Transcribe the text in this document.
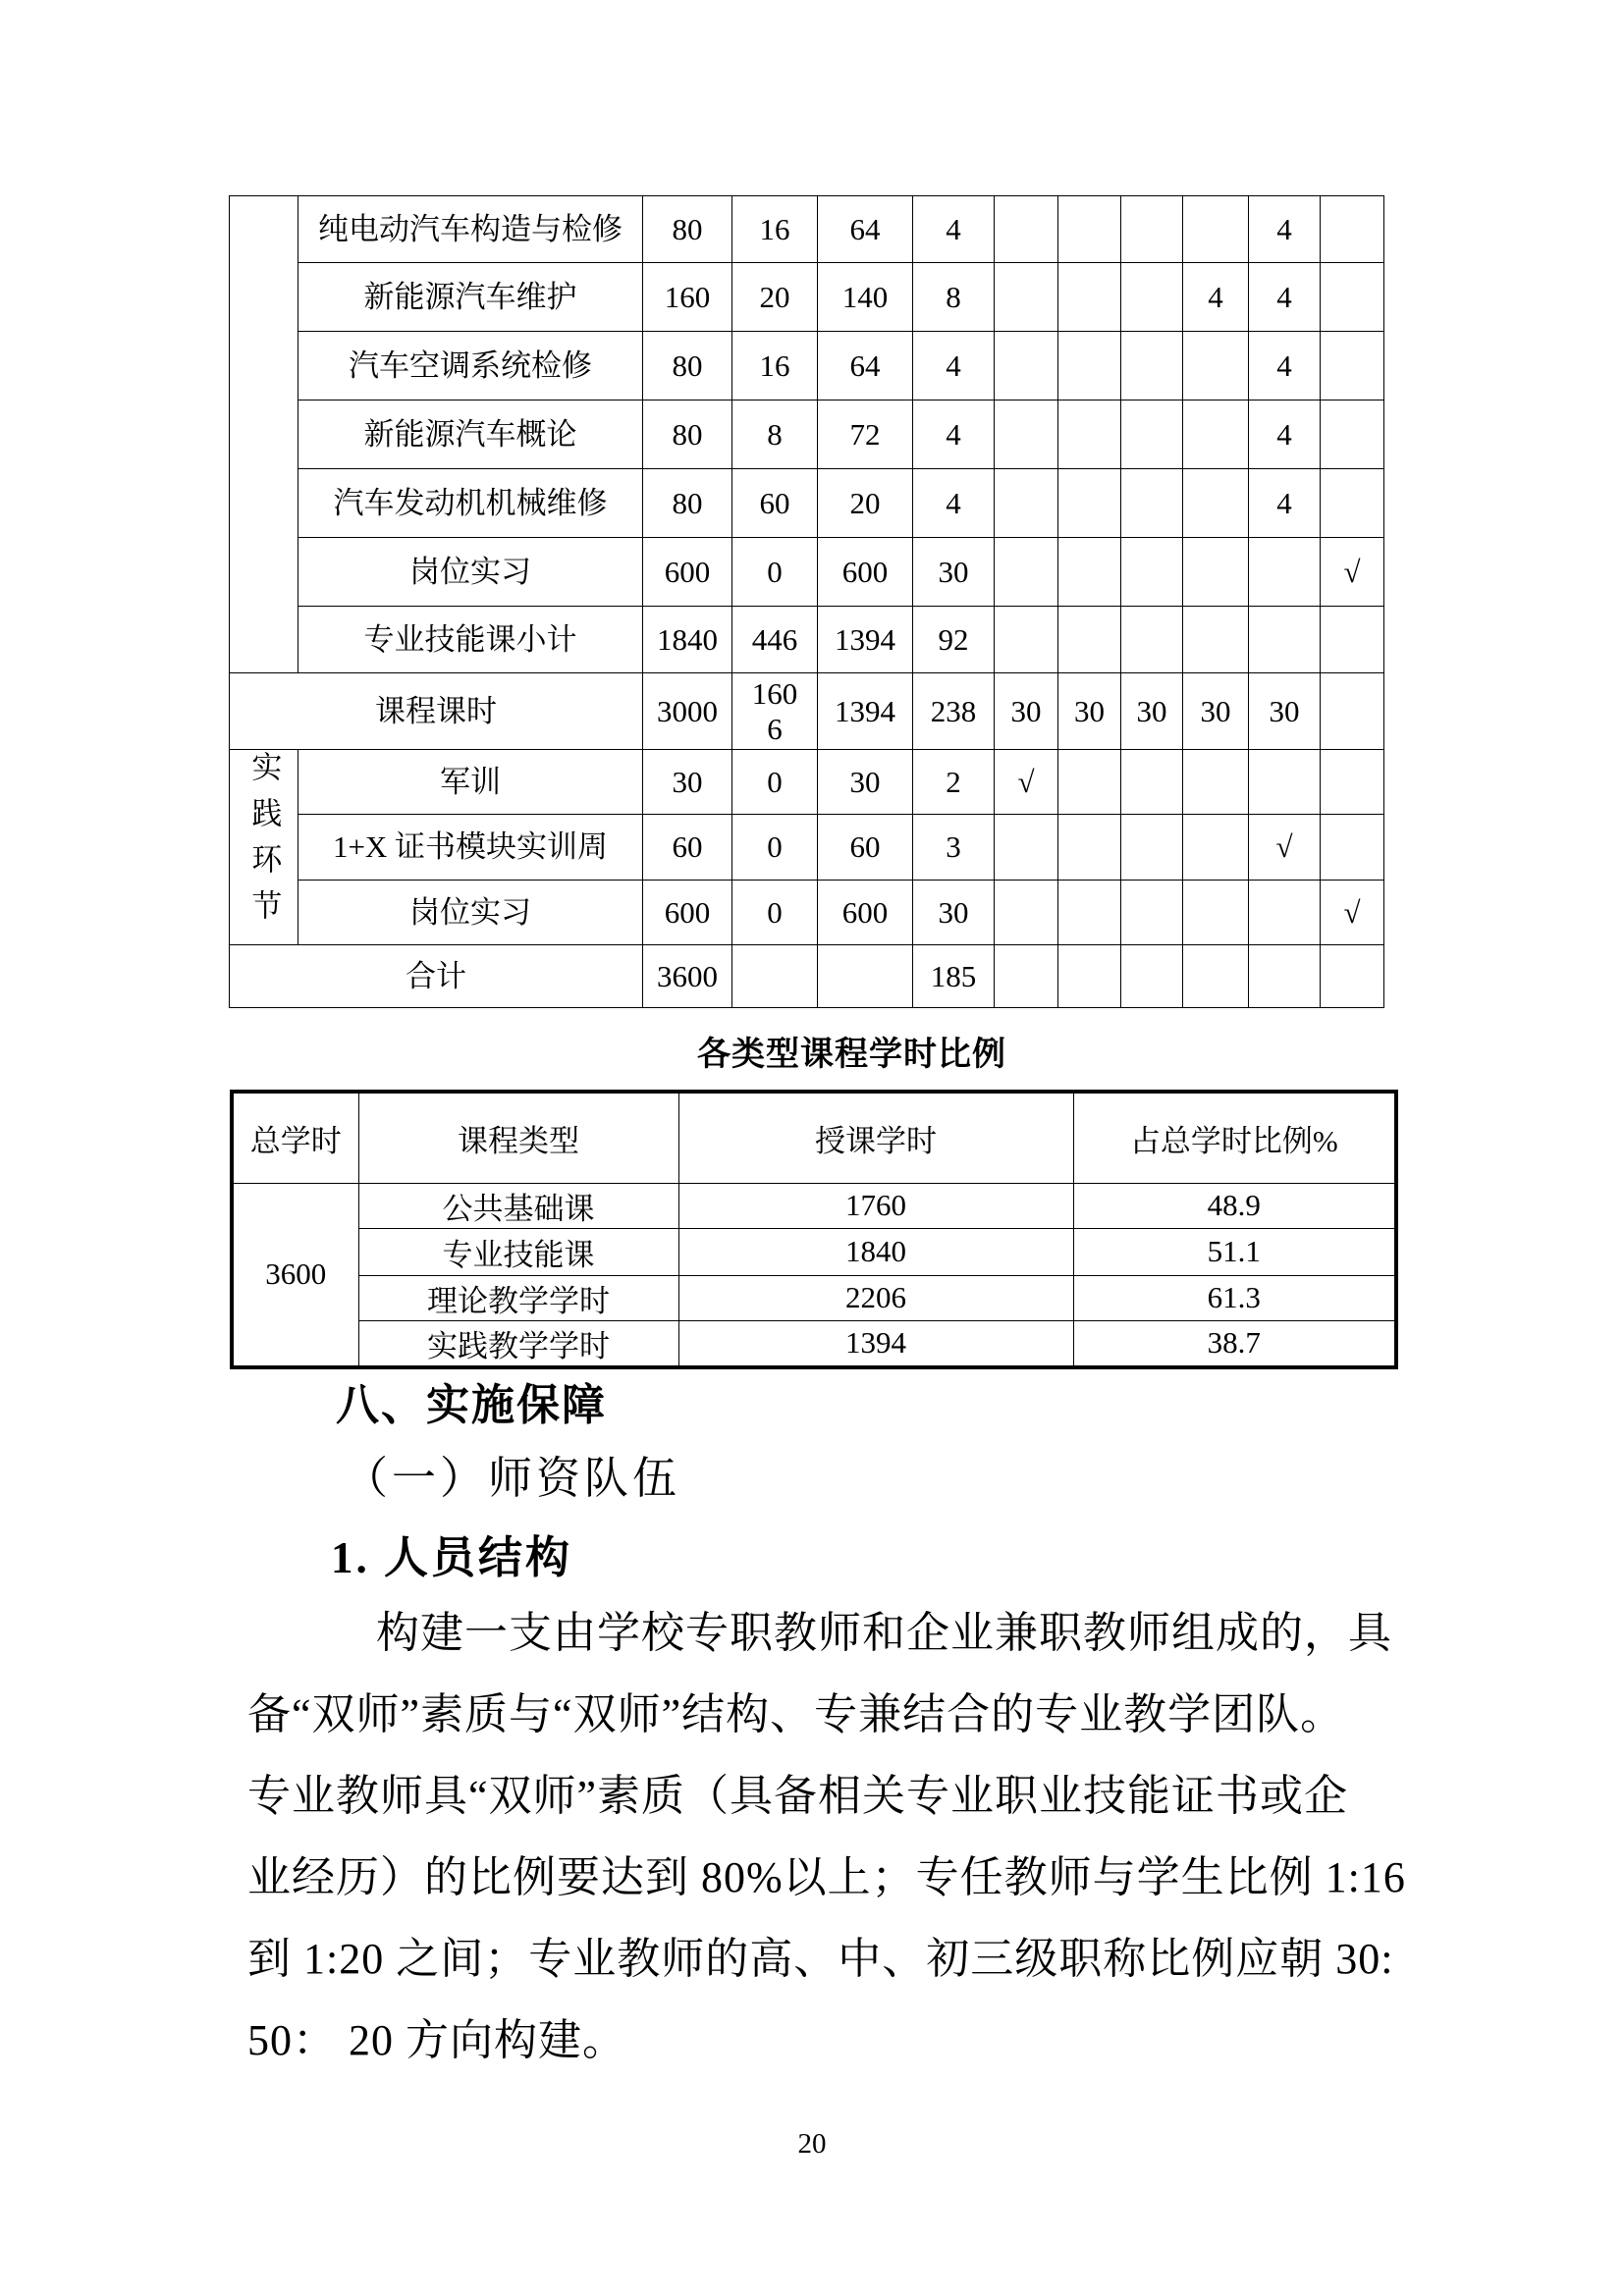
	纯电动汽车构造与检修	80	16	64	4					4	
	新能源汽车维护	160	20	140	8				4	4	
	汽车空调系统检修	80	16	64	4					4	
	新能源汽车概论	80	8	72	4					4	
	汽车发动机机械维修	80	60	20	4					4	
	岗位实习	600	0	600	30						√
	专业技能课小计	1840	446	1394	92						
课程课时		3000	1606	1394	238	30	30	30	30	30	
实践环节	军训	30	0	30	2	√					
	1+X 证书模块实训周	60	0	60	3					√	
	岗位实习	600	0	600	30						√
合计		3600			185						
各类型课程学时比例
总学时	课程类型	授课学时	占总学时比例%
3600	公共基础课	1760	48.9
	专业技能课	1840	51.1
	理论教学学时	2206	61.3
	实践教学学时	1394	38.7
八、实施保障
（一）师资队伍
1. 人员结构
构建一支由学校专职教师和企业兼职教师组成的，具
备“双师”素质与“双师”结构、专兼结合的专业教学团队。
专业教师具“双师”素质（具备相关专业职业技能证书或企
业经历）的比例要达到 80%以上；专任教师与学生比例 1:16
到 1:20 之间；专业教师的高、中、初三级职称比例应朝 30:
50： 20 方向构建。
20
